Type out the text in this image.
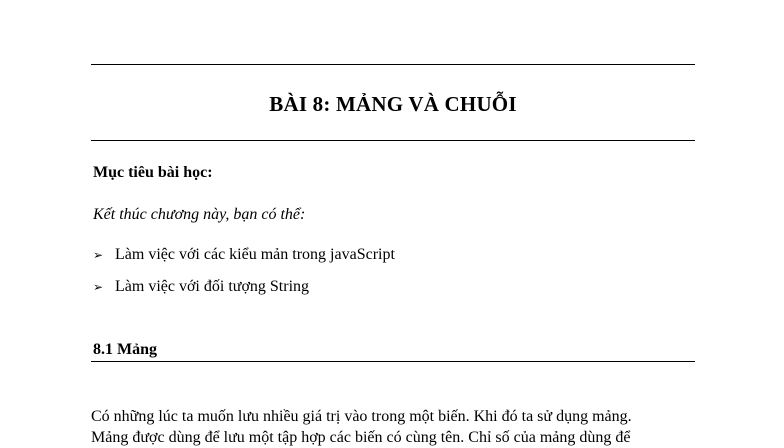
BÀI 8: MẢNG VÀ CHUỖI
Mục tiêu bài học:
Kết thúc chương này, bạn có thể:
➢ Làm việc với các kiểu mản trong javaScript
➢ Làm việc với đối tượng String
8.1 Mảng
Có những lúc ta muốn lưu nhiều giá trị vào trong một biến. Khi đó ta sử dụng mảng.
Mảng được dùng để lưu một tập hợp các biến có cùng tên. Chỉ số của mảng dùng để
